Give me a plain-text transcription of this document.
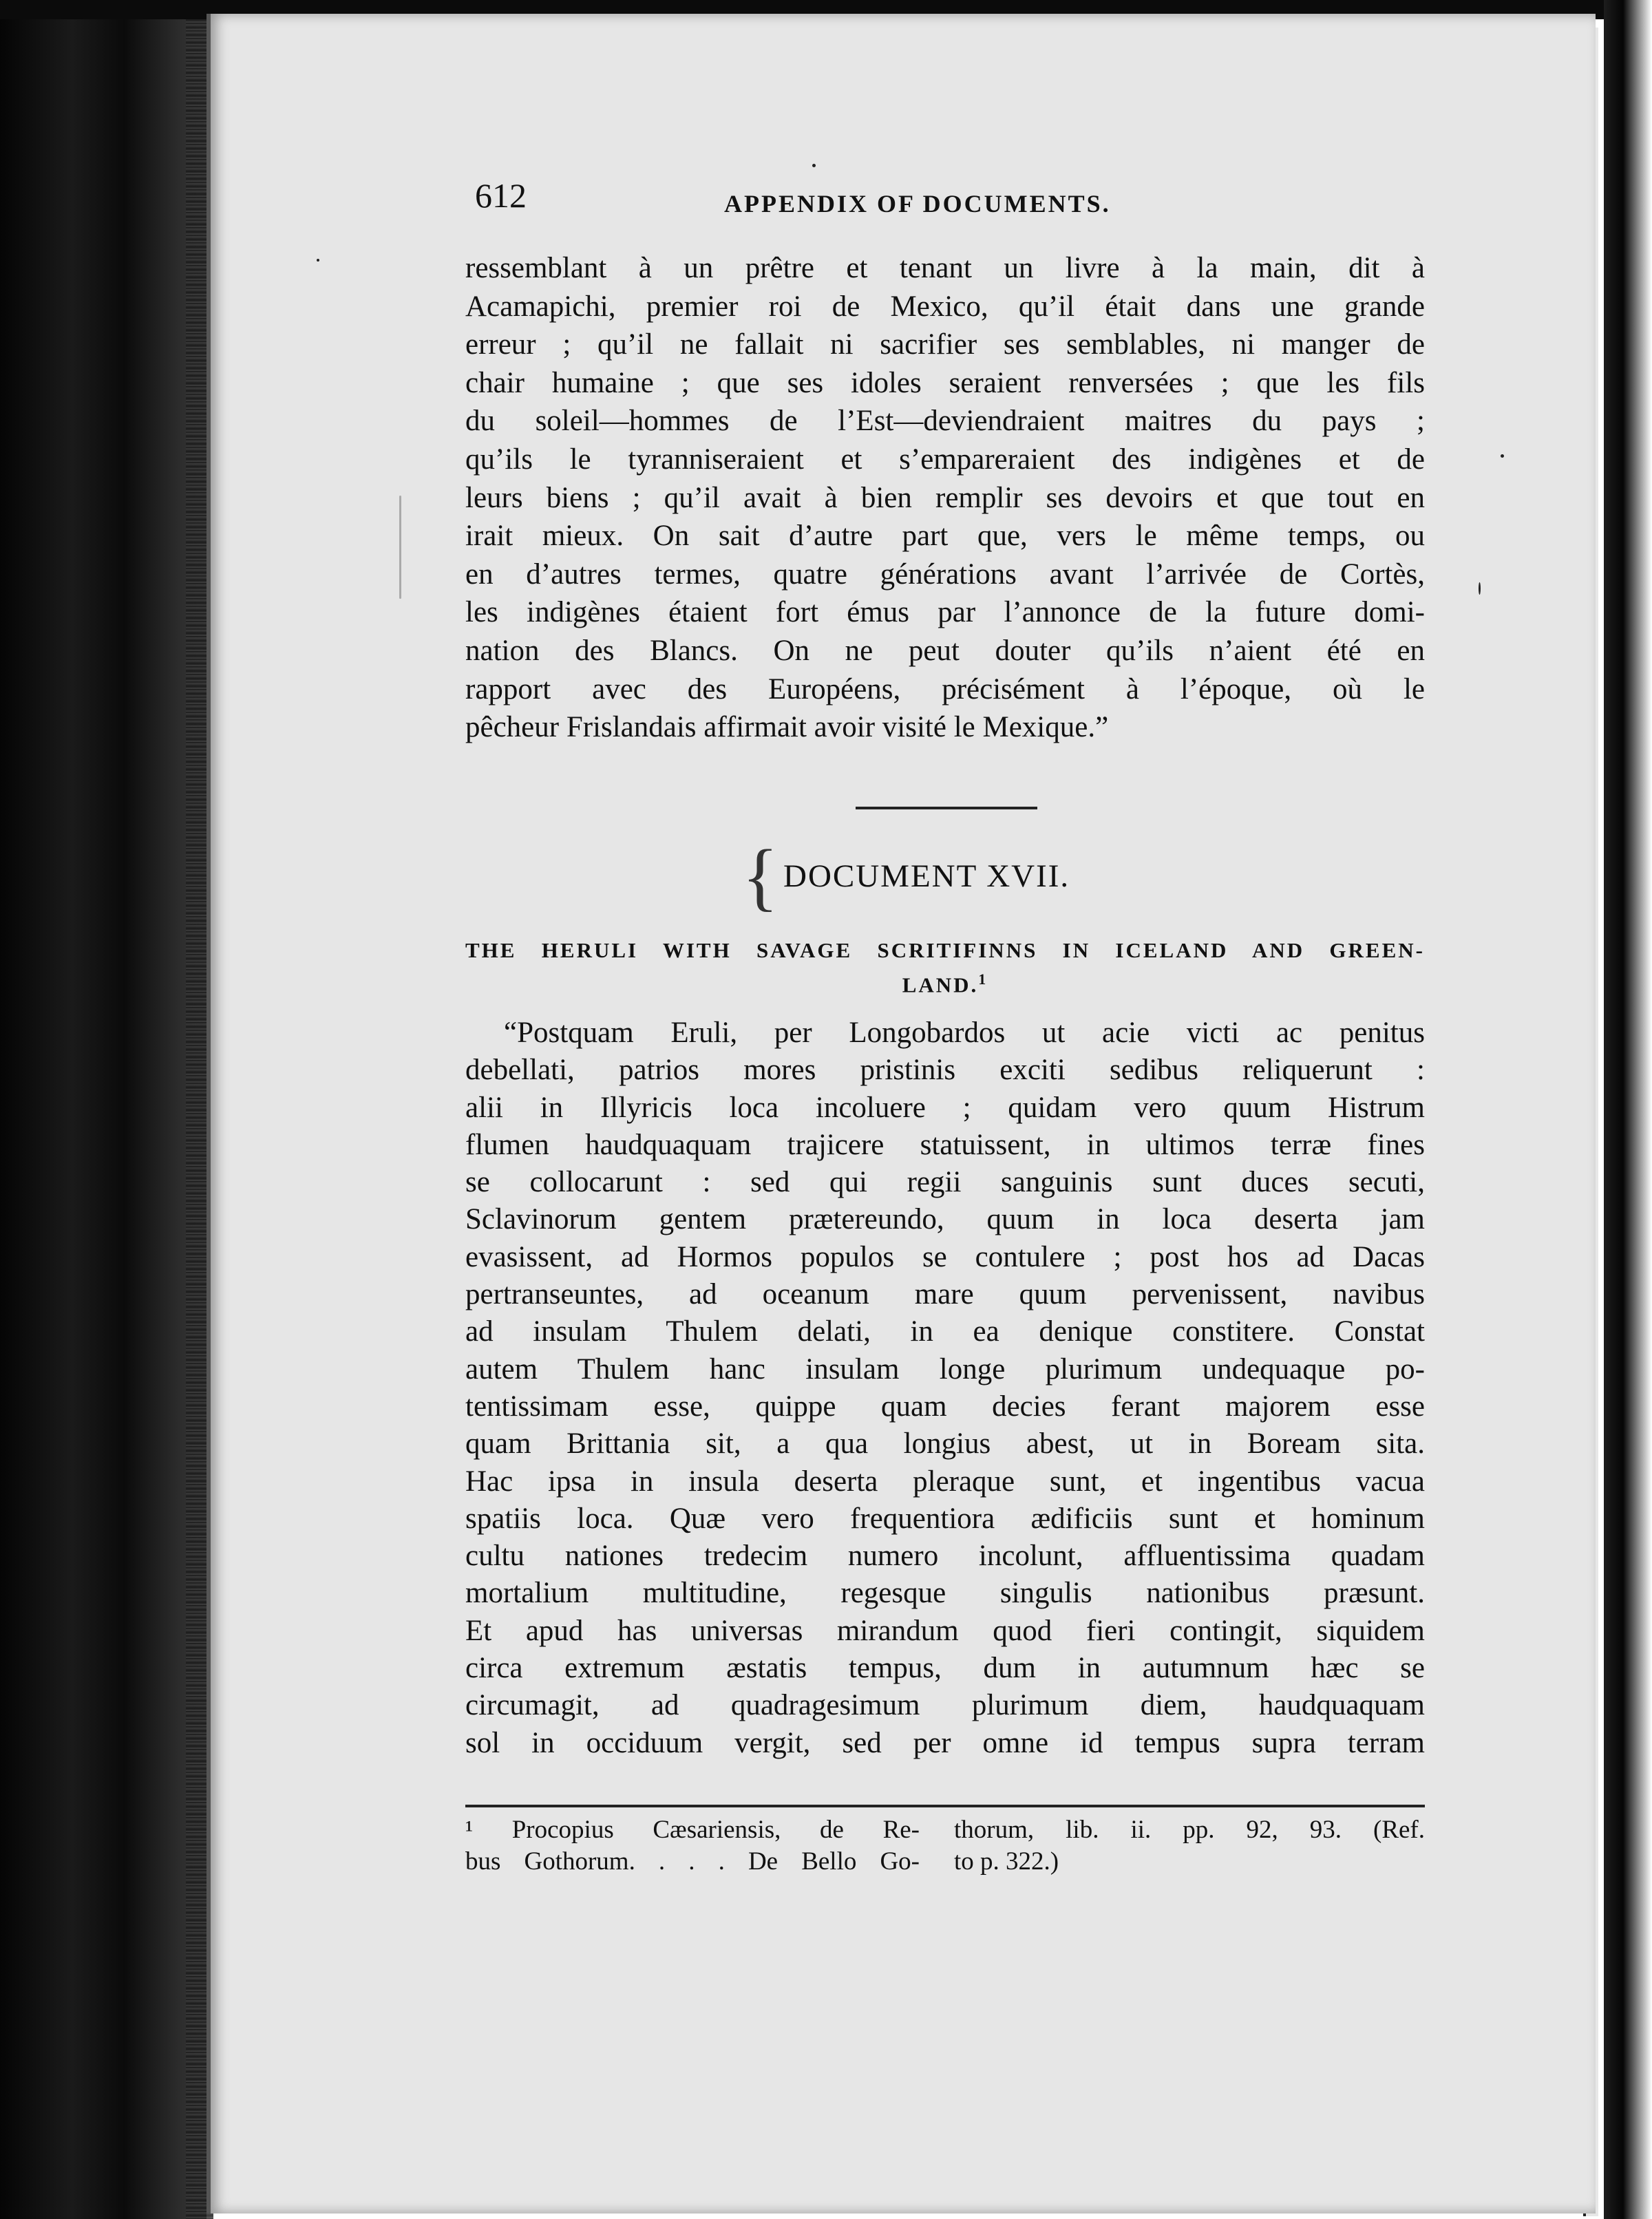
612	APPENDIX OF DOCUMENTS.
ressemblant à un prêtre et tenant un livre à la main, dit à
Acamapichi, premier roi de Mexico, qu’il était dans une grande
erreur ; qu’il ne fallait ni sacrifier ses semblables, ni manger de
chair humaine ; que ses idoles seraient renversées ; que les fils
du soleil—hommes de l’Est—deviendraient maitres du pays ;
qu’ils le tyranniseraient et s’empareraient des indigènes et de
leurs biens ; qu’il avait à bien remplir ses devoirs et que tout en
irait mieux. On sait d’autre part que, vers le même temps, ou
en d’autres termes, quatre générations avant l’arrivée de Cortès,
les indigènes étaient fort émus par l’annonce de la future domi-
nation des Blancs. On ne peut douter qu’ils n’aient été en
rapport avec des Européens, précisément à l’époque, où le
pêcheur Frislandais affirmait avoir visité le Mexique.”
{ DOCUMENT XVII.
THE HERULI WITH SAVAGE SCRITIFINNS IN ICELAND AND GREEN-
LAND.$^1$
“Postquam Eruli, per Longobardos ut acie victi ac penitus
debellati, patrios mores pristinis exciti sedibus reliquerunt :
alii in Illyricis loca incoluere ; quidam vero quum Histrum
flumen haudquaquam trajicere statuissent, in ultimos terræ fines
se collocarunt : sed qui regii sanguinis sunt duces secuti,
Sclavinorum gentem prætereundo, quum in loca deserta jam
evasissent, ad Hormos populos se contulere ; post hos ad Dacas
pertranseuntes, ad oceanum mare quum pervenissent, navibus
ad insulam Thulem delati, in ea denique constitere. Constat
autem Thulem hanc insulam longe plurimum undequaque po-
tentissimam esse, quippe quam decies ferant majorem esse
quam Brittania sit, a qua longius abest, ut in Boream sita.
Hac ipsa in insula deserta pleraque sunt, et ingentibus vacua
spatiis loca. Quæ vero frequentiora ædificiis sunt et hominum
cultu nationes tredecim numero incolunt, affluentissima quadam
mortalium multitudine, regesque singulis nationibus præsunt.
Et apud has universas mirandum quod fieri contingit, siquidem
circa extremum æstatis tempus, dum in autumnum hæc se
circumagit, ad quadragesimum plurimum diem, haudquaquam
sol in occiduum vergit, sed per omne id tempus supra terram
¹ Procopius Cæsariensis, de Re-
bus Gothorum. . . . De Bello Go-
thorum, lib. ii. pp. 92, 93. (Ref.
to p. 322.)
